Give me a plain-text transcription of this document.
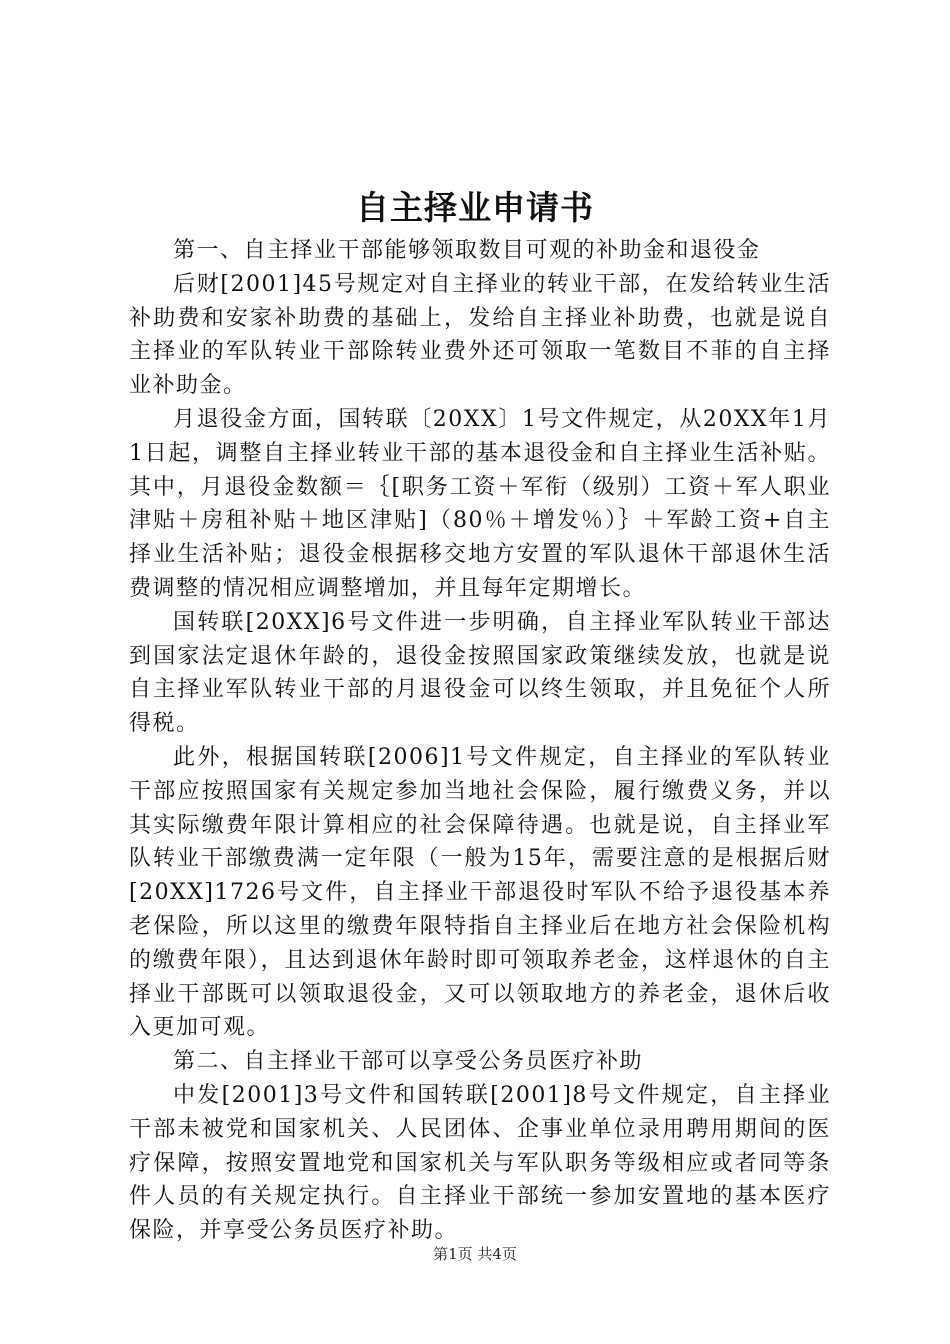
自主择业申请书

第一、自主择业干部能够领取数目可观的补助金和退役金

后财[2001]45号规定对自主择业的转业干部，在发给转业生活补助费和安家补助费的基础上，发给自主择业补助费，也就是说自主择业的军队转业干部除转业费外还可领取一笔数目不菲的自主择业补助金。

月退役金方面，国转联〔20XX〕1号文件规定，从20XX年1月1日起，调整自主择业转业干部的基本退役金和自主择业生活补贴。其中，月退役金数额＝｛[职务工资＋军衔（级别）工资＋军人职业津贴＋房租补贴＋地区津贴]（80％＋增发％）｝＋军龄工资+自主择业生活补贴；退役金根据移交地方安置的军队退休干部退休生活费调整的情况相应调整增加，并且每年定期增长。

国转联[20XX]6号文件进一步明确，自主择业军队转业干部达到国家法定退休年龄的，退役金按照国家政策继续发放，也就是说自主择业军队转业干部的月退役金可以终生领取，并且免征个人所得税。

此外，根据国转联[2006]1号文件规定，自主择业的军队转业干部应按照国家有关规定参加当地社会保险，履行缴费义务，并以其实际缴费年限计算相应的社会保障待遇。也就是说，自主择业军队转业干部缴费满一定年限（一般为15年，需要注意的是根据后财[20XX]1726号文件，自主择业干部退役时军队不给予退役基本养老保险，所以这里的缴费年限特指自主择业后在地方社会保险机构的缴费年限），且达到退休年龄时即可领取养老金，这样退休的自主择业干部既可以领取退役金，又可以领取地方的养老金，退休后收入更加可观。

第二、自主择业干部可以享受公务员医疗补助

中发[2001]3号文件和国转联[2001]8号文件规定，自主择业干部未被党和国家机关、人民团体、企事业单位录用聘用期间的医疗保障，按照安置地党和国家机关与军队职务等级相应或者同等条件人员的有关规定执行。自主择业干部统一参加安置地的基本医疗保险，并享受公务员医疗补助。

第1页 共4页
